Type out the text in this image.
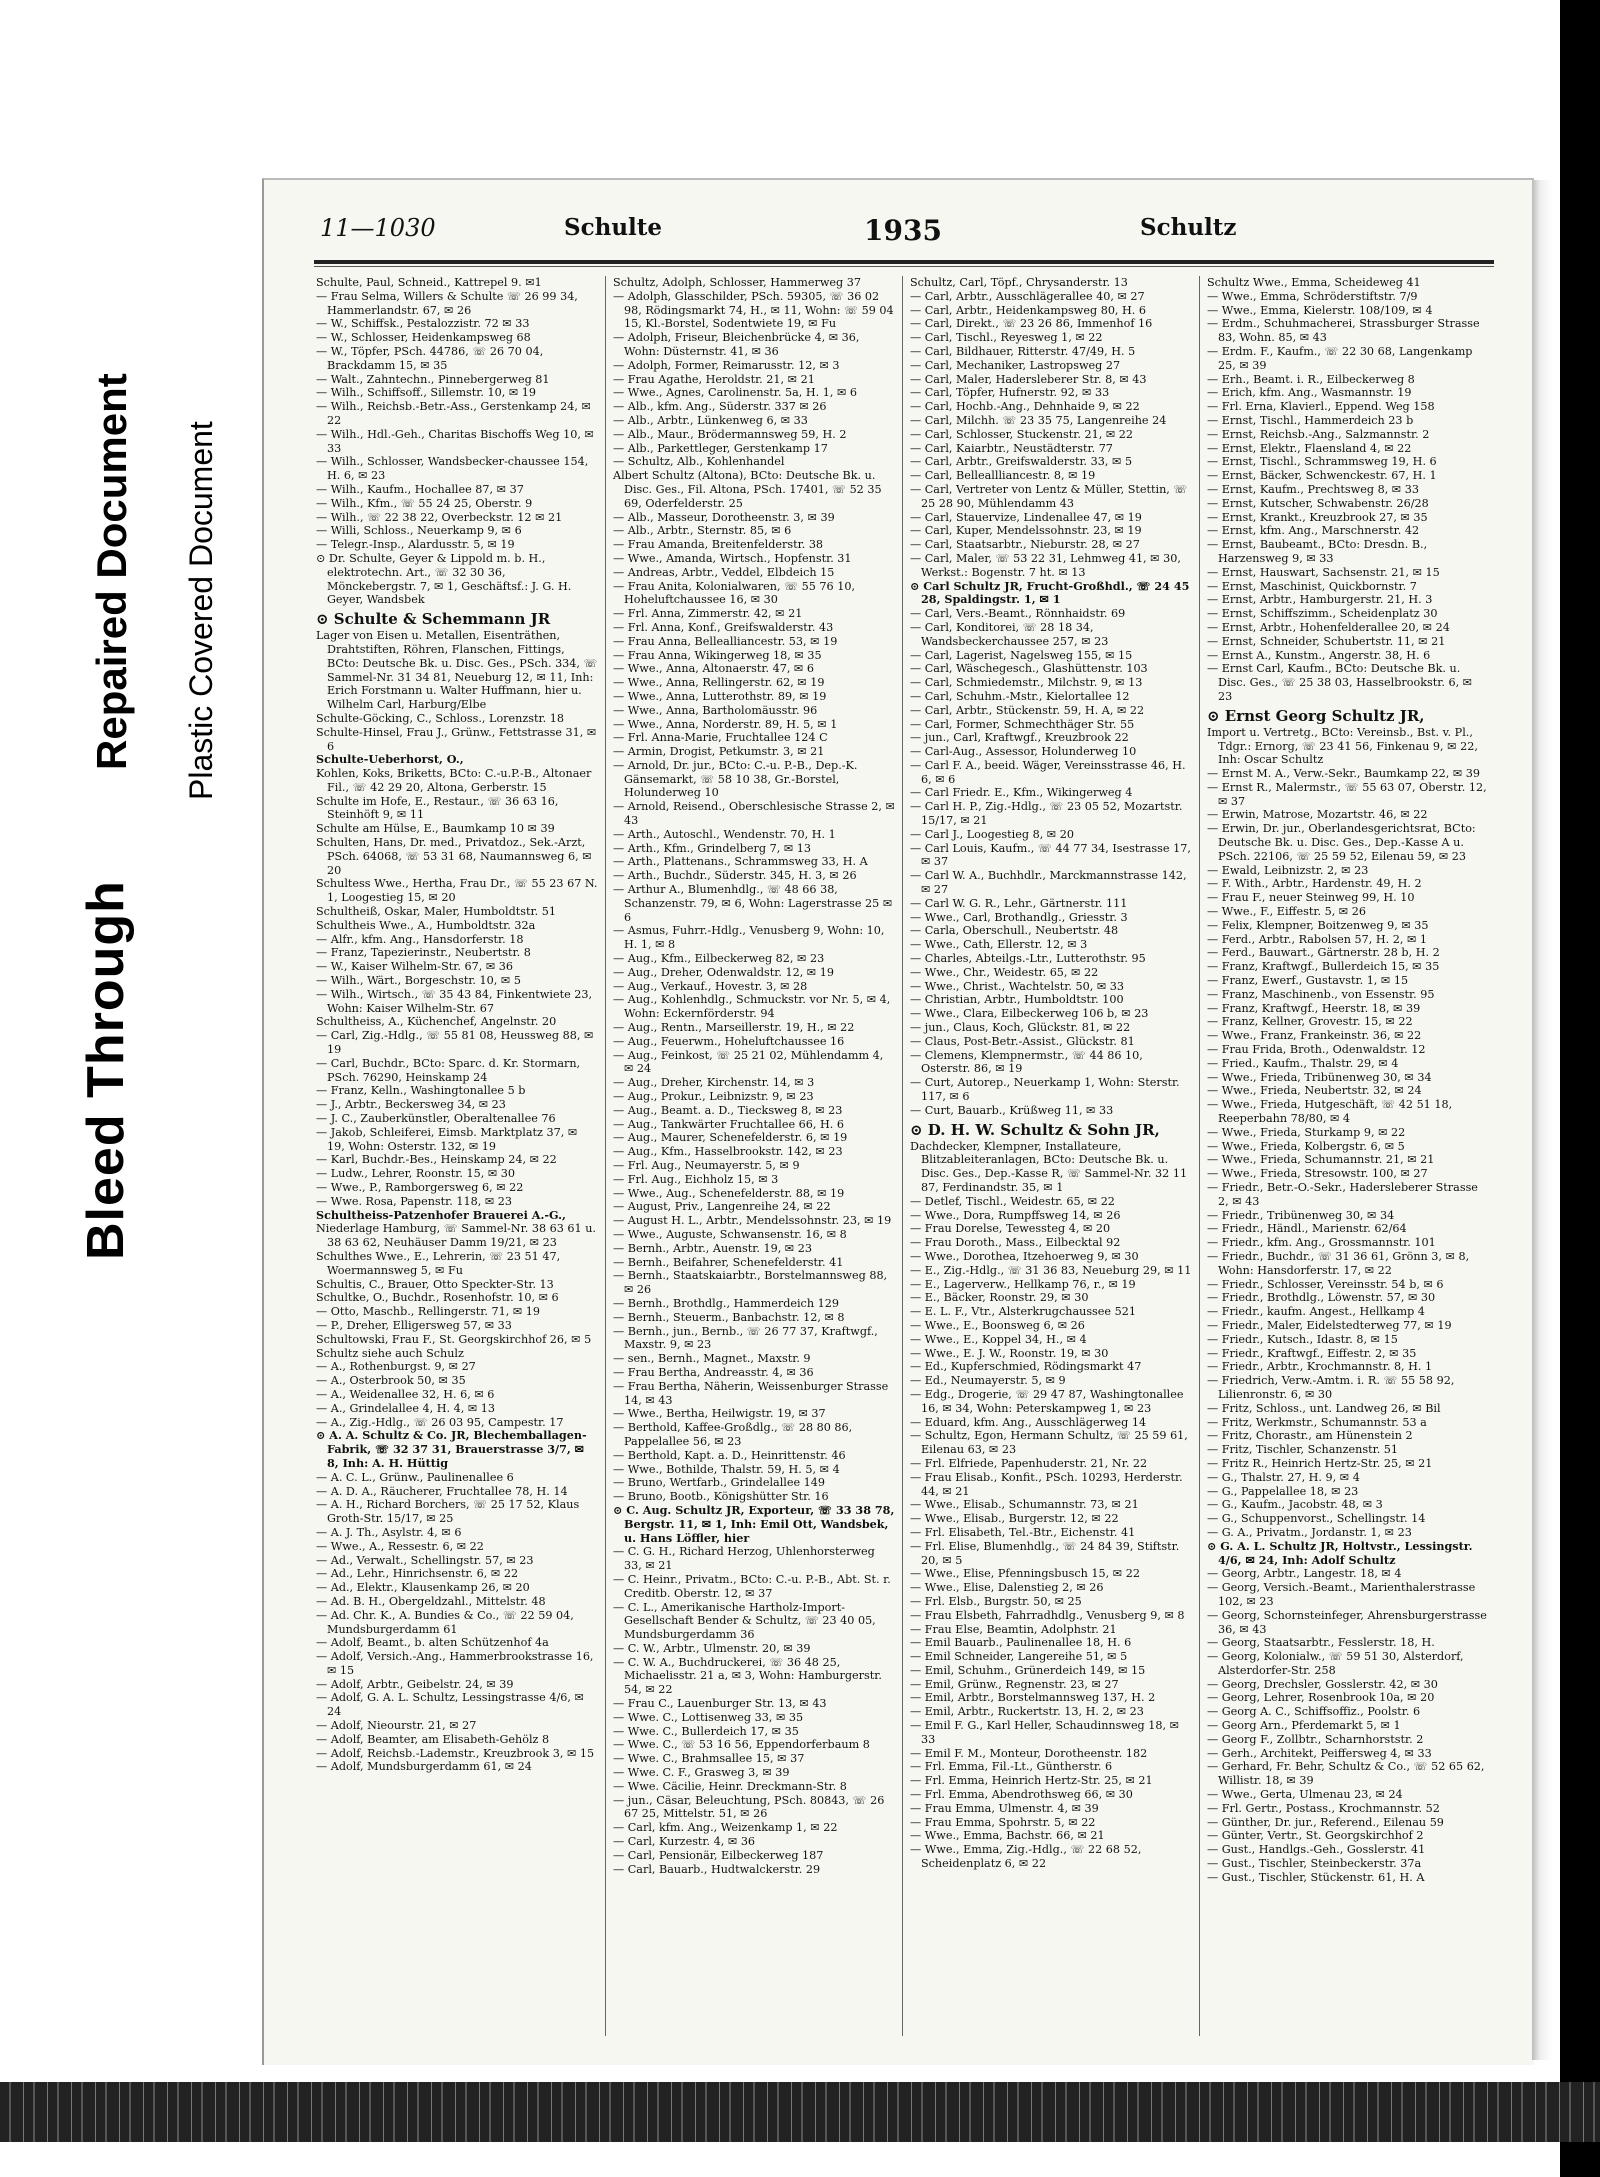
Bleed Through
Repaired Document Plastic Covered Document
11—1030	Schulte	1935	Schultz

Schulte, Paul, Schneid., Kattrepel 9. ✉1

— Frau Selma, Willers & Schulte ☏ 26 99 34, Hammerlandstr. 67, ✉ 26

— W., Schiffsk., Pestalozzistr. 72 ✉ 33

— W., Schlosser, Heidenkampsweg 68

— W., Töpfer, PSch. 44786, ☏ 26 70 04, Brackdamm 15, ✉ 35

— Walt., Zahntechn., Pinnebergerweg 81

— Wilh., Schiffsoff., Sillemstr. 10, ✉ 19

— Wilh., Reichsb.-Betr.-Ass., Gerstenkamp 24, ✉ 22

— Wilh., Hdl.-Geh., Charitas Bischoffs Weg 10, ✉ 33

— Wilh., Schlosser, Wandsbecker-chaussee 154, H. 6, ✉ 23

— Wilh., Kaufm., Hochallee 87, ✉ 37

— Wilh., Kfm., ☏ 55 24 25, Oberstr. 9

— Wilh., ☏ 22 38 22, Overbeckstr. 12 ✉ 21

— Willi, Schloss., Neuerkamp 9, ✉ 6

— Telegr.-Insp., Alardusstr. 5, ✉ 19

⊙ Dr. Schulte, Geyer & Lippold m. b. H., elektrotechn. Art., ☏ 32 30 36, Mönckebergstr. 7, ✉ 1, Geschäftsf.: J. G. H. Geyer, Wandsbek

⊙ Schulte & Schemmann JR

Lager von Eisen u. Metallen, Eisenträthen, Drahtstiften, Röhren, Flanschen, Fittings, BCto: Deutsche Bk. u. Disc. Ges., PSch. 334, ☏ Sammel-Nr. 31 34 81, Neueburg 12, ✉ 11, Inh: Erich Forstmann u. Walter Huffmann, hier u. Wilhelm Carl, Harburg/Elbe

Schulte-Göcking, C., Schloss., Lorenzstr. 18

Schulte-Hinsel, Frau J., Grünw., Fettstrasse 31, ✉ 6

Schulte-Ueberhorst, O.,

Kohlen, Koks, Briketts, BCto: C.-u.P.-B., Altonaer Fil., ☏ 42 29 20, Altona, Gerberstr. 15

Schulte im Hofe, E., Restaur., ☏ 36 63 16, Steinhöft 9, ✉ 11

Schulte am Hülse, E., Baumkamp 10 ✉ 39

Schulten, Hans, Dr. med., Privatdoz., Sek.-Arzt, PSch. 64068, ☏ 53 31 68, Naumannsweg 6, ✉ 20

Schultess Wwe., Hertha, Frau Dr., ☏ 55 23 67 N. 1, Loogestieg 15, ✉ 20

Schultheiß, Oskar, Maler, Humboldtstr. 51

Schultheis Wwe., A., Humboldtstr. 32a

— Alfr., kfm. Ang., Hansdorferstr. 18

— Franz, Tapezierinstr., Neubertstr. 8

— W., Kaiser Wilhelm-Str. 67, ✉ 36

— Wilh., Wärt., Borgeschstr. 10, ✉ 5

— Wilh., Wirtsch., ☏ 35 43 84, Finkentwiete 23, Wohn: Kaiser Wilhelm-Str. 67

Schultheiss, A., Küchenchef, Angelnstr. 20

— Carl, Zig.-Hdlg., ☏ 55 81 08, Heussweg 88, ✉ 19

— Carl, Buchdr., BCto: Sparc. d. Kr. Stormarn, PSch. 76290, Heinskamp 24

— Franz, Kelln., Washingtonallee 5 b

— J., Arbtr., Beckersweg 34, ✉ 23

— J. C., Zauberkünstler, Oberaltenallee 76

— Jakob, Schleiferei, Eimsb. Marktplatz 37, ✉ 19, Wohn: Osterstr. 132, ✉ 19

— Karl, Buchdr.-Bes., Heinskamp 24, ✉ 22

— Ludw., Lehrer, Roonstr. 15, ✉ 30

— Wwe., P., Ramborgersweg 6, ✉ 22

— Wwe. Rosa, Papenstr. 118, ✉ 23

Schultheiss-Patzenhofer Brauerei A.-G.,

Niederlage Hamburg, ☏ Sammel-Nr. 38 63 61 u. 38 63 62, Neuhäuser Damm 19/21, ✉ 23

Schulthes Wwe., E., Lehrerin, ☏ 23 51 47, Woermannsweg 5, ✉ Fu

Schultis, C., Brauer, Otto Speckter-Str. 13

Schultke, O., Buchdr., Rosenhofstr. 10, ✉ 6

— Otto, Maschb., Rellingerstr. 71, ✉ 19

— P., Dreher, Elligersweg 57, ✉ 33

Schultowski, Frau F., St. Georgskirchhof 26, ✉ 5

Schultz siehe auch Schulz

— A., Rothenburgst. 9, ✉ 27

— A., Osterbrook 50, ✉ 35

— A., Weidenallee 32, H. 6, ✉ 6

— A., Grindelallee 4, H. 4, ✉ 13

— A., Zig.-Hdlg., ☏ 26 03 95, Campestr. 17

⊙ A. A. Schultz & Co. JR, Blechemballagen-Fabrik, ☏ 32 37 31, Brauerstrasse 3/7, ✉ 8, Inh: A. H. Hüttig

— A. C. L., Grünw., Paulinenallee 6

— A. D. A., Räucherer, Fruchtallee 78, H. 14

— A. H., Richard Borchers, ☏ 25 17 52, Klaus Groth-Str. 15/17, ✉ 25

— A. J. Th., Asylstr. 4, ✉ 6

— Wwe., A., Ressestr. 6, ✉ 22

— Ad., Verwalt., Schellingstr. 57, ✉ 23

— Ad., Lehr., Hinrichsenstr. 6, ✉ 22

— Ad., Elektr., Klausenkamp 26, ✉ 20

— Ad. B. H., Obergeldzahl., Mittelstr. 48

— Ad. Chr. K., A. Bundies & Co., ☏ 22 59 04, Mundsburgerdamm 61

— Adolf, Beamt., b. alten Schützenhof 4a

— Adolf, Versich.-Ang., Hammerbrookstrasse 16, ✉ 15

— Adolf, Arbtr., Geibelstr. 24, ✉ 39

— Adolf, G. A. L. Schultz, Lessingstrasse 4/6, ✉ 24

— Adolf, Nieourstr. 21, ✉ 27

— Adolf, Beamter, am Elisabeth-Gehölz 8

— Adolf, Reichsb.-Lademstr., Kreuzbrook 3, ✉ 15

— Adolf, Mundsburgerdamm 61, ✉ 24

Schultz, Adolph, Schlosser, Hammerweg 37

— Adolph, Glasschilder, PSch. 59305, ☏ 36 02 98, Rödingsmarkt 74, H., ✉ 11, Wohn: ☏ 59 04 15, Kl.-Borstel, Sodentwiete 19, ✉ Fu

— Adolph, Friseur, Bleichenbrücke 4, ✉ 36, Wohn: Düsternstr. 41, ✉ 36

— Adolph, Former, Reimarusstr. 12, ✉ 3

— Frau Agathe, Heroldstr. 21, ✉ 21

— Wwe., Agnes, Carolinenstr. 5a, H. 1, ✉ 6

— Alb., kfm. Ang., Süderstr. 337 ✉ 26

— Alb., Arbtr., Lünkenweg 6, ✉ 33

— Alb., Maur., Brödermannsweg 59, H. 2

— Alb., Parkettleger, Gerstenkamp 17

— Schultz, Alb., Kohlenhandel

Albert Schultz (Altona), BCto: Deutsche Bk. u. Disc. Ges., Fil. Altona, PSch. 17401, ☏ 52 35 69, Oderfelderstr. 25

— Alb., Masseur, Dorotheenstr. 3, ✉ 39

— Alb., Arbtr., Sternstr. 85, ✉ 6

— Frau Amanda, Breitenfelderstr. 38

— Wwe., Amanda, Wirtsch., Hopfenstr. 31

— Andreas, Arbtr., Veddel, Elbdeich 15

— Frau Anita, Kolonialwaren, ☏ 55 76 10, Hoheluftchaussee 16, ✉ 30

— Frl. Anna, Zimmerstr. 42, ✉ 21

— Frl. Anna, Konf., Greifswalderstr. 43

— Frau Anna, Bellealliancestr. 53, ✉ 19

— Frau Anna, Wikingerweg 18, ✉ 35

— Wwe., Anna, Altonaerstr. 47, ✉ 6

— Wwe., Anna, Rellingerstr. 62, ✉ 19

— Wwe., Anna, Lutterothstr. 89, ✉ 19

— Wwe., Anna, Bartholomäusstr. 96

— Wwe., Anna, Norderstr. 89, H. 5, ✉ 1

— Frl. Anna-Marie, Fruchtallee 124 C

— Armin, Drogist, Petkumstr. 3, ✉ 21

— Arnold, Dr. jur., BCto: C.-u. P.-B., Dep.-K. Gänsemarkt, ☏ 58 10 38, Gr.-Borstel, Holunderweg 10

— Arnold, Reisend., Oberschlesische Strasse 2, ✉ 43

— Arth., Autoschl., Wendenstr. 70, H. 1

— Arth., Kfm., Grindelberg 7, ✉ 13

— Arth., Plattenans., Schrammsweg 33, H. A

— Arth., Buchdr., Süderstr. 345, H. 3, ✉ 26

— Arthur A., Blumenhdlg., ☏ 48 66 38, Schanzenstr. 79, ✉ 6, Wohn: Lagerstrasse 25 ✉ 6

— Asmus, Fuhrr.-Hdlg., Venusberg 9, Wohn: 10, H. 1, ✉ 8

— Aug., Kfm., Eilbeckerweg 82, ✉ 23

— Aug., Dreher, Odenwaldstr. 12, ✉ 19

— Aug., Verkauf., Hovestr. 3, ✉ 28

— Aug., Kohlenhdlg., Schmuckstr. vor Nr. 5, ✉ 4, Wohn: Eckernförderstr. 94

— Aug., Rentn., Marseillerstr. 19, H., ✉ 22

— Aug., Feuerwm., Hoheluftchaussee 16

— Aug., Feinkost, ☏ 25 21 02, Mühlendamm 4, ✉ 24

— Aug., Dreher, Kirchenstr. 14, ✉ 3

— Aug., Prokur., Leibnizstr. 9, ✉ 23

— Aug., Beamt. a. D., Tiecksweg 8, ✉ 23

— Aug., Tankwärter Fruchtallee 66, H. 6

— Aug., Maurer, Schenefelderstr. 6, ✉ 19

— Aug., Kfm., Hasselbrookstr. 142, ✉ 23

— Frl. Aug., Neumayerstr. 5, ✉ 9

— Frl. Aug., Eichholz 15, ✉ 3

— Wwe., Aug., Schenefelderstr. 88, ✉ 19

— August, Priv., Langenreihe 24, ✉ 22

— August H. L., Arbtr., Mendelssohnstr. 23, ✉ 19

— Wwe., Auguste, Schwansenstr. 16, ✉ 8

— Bernh., Arbtr., Auenstr. 19, ✉ 23

— Bernh., Beifahrer, Schenefelderstr. 41

— Bernh., Staatskaiarbtr., Borstelmannsweg 88, ✉ 26

— Bernh., Brothdlg., Hammerdeich 129

— Bernh., Steuerm., Banbachstr. 12, ✉ 8

— Bernh., jun., Bernb., ☏ 26 77 37, Kraftwgf., Maxstr. 9, ✉ 23

— sen., Bernh., Magnet., Maxstr. 9

— Frau Bertha, Andreasstr. 4, ✉ 36

— Frau Bertha, Näherin, Weissenburger Strasse 14, ✉ 43

— Wwe., Bertha, Heilwigstr. 19, ✉ 37

— Berthold, Kaffee-Großdlg., ☏ 28 80 86, Pappelallee 56, ✉ 23

— Berthold, Kapt. a. D., Heinrittenstr. 46

— Wwe., Bothilde, Thalstr. 59, H. 5, ✉ 4

— Bruno, Wertfarb., Grindelallee 149

— Bruno, Bootb., Königshütter Str. 16

⊙ C. Aug. Schultz JR, Exporteur, ☏ 33 38 78, Bergstr. 11, ✉ 1, Inh: Emil Ott, Wandsbek, u. Hans Löffler, hier

— C. G. H., Richard Herzog, Uhlenhorsterweg 33, ✉ 21

— C. Heinr., Privatm., BCto: C.-u. P.-B., Abt. St. r. Creditb. Oberstr. 12, ✉ 37

— C. L., Amerikanische Hartholz-Import-Gesellschaft Bender & Schultz, ☏ 23 40 05, Mundsburgerdamm 36

— C. W., Arbtr., Ulmenstr. 20, ✉ 39

— C. W. A., Buchdruckerei, ☏ 36 48 25, Michaelisstr. 21 a, ✉ 3, Wohn: Hamburgerstr. 54, ✉ 22

— Frau C., Lauenburger Str. 13, ✉ 43

— Wwe. C., Lottisenweg 33, ✉ 35

— Wwe. C., Bullerdeich 17, ✉ 35

— Wwe. C., ☏ 53 16 56, Eppendorferbaum 8

— Wwe. C., Brahmsallee 15, ✉ 37

— Wwe. C. F., Grasweg 3, ✉ 39

— Wwe. Cäcilie, Heinr. Dreckmann-Str. 8

— jun., Cäsar, Beleuchtung, PSch. 80843, ☏ 26 67 25, Mittelstr. 51, ✉ 26

— Carl, kfm. Ang., Weizenkamp 1, ✉ 22

— Carl, Kurzestr. 4, ✉ 36

— Carl, Pensionär, Eilbeckerweg 187

— Carl, Bauarb., Hudtwalckerstr. 29

Schultz, Carl, Töpf., Chrysanderstr. 13

— Carl, Arbtr., Ausschlägerallee 40, ✉ 27

— Carl, Arbtr., Heidenkampsweg 80, H. 6

— Carl, Direkt., ☏ 23 26 86, Immenhof 16

— Carl, Tischl., Reyesweg 1, ✉ 22

— Carl, Bildhauer, Ritterstr. 47/49, H. 5

— Carl, Mechaniker, Lastropsweg 27

— Carl, Maler, Hadersleberer Str. 8, ✉ 43

— Carl, Töpfer, Hufnerstr. 92, ✉ 33

— Carl, Hochb.-Ang., Dehnhaide 9, ✉ 22

— Carl, Milchh. ☏ 23 35 75, Langenreihe 24

— Carl, Schlosser, Stuckenstr. 21, ✉ 22

— Carl, Kaiarbtr., Neustädterstr. 77

— Carl, Arbtr., Greifswalderstr. 33, ✉ 5

— Carl, Belleallliancestr. 8, ✉ 19

— Carl, Vertreter von Lentz & Müller, Stettin, ☏ 25 28 90, Mühlendamm 43

— Carl, Stauervize, Lindenallee 47, ✉ 19

— Carl, Kuper, Mendelssohnstr. 23, ✉ 19

— Carl, Staatsarbtr., Nieburstr. 28, ✉ 27

— Carl, Maler, ☏ 53 22 31, Lehmweg 41, ✉ 30, Werkst.: Bogenstr. 7 ht. ✉ 13

⊙ Carl Schultz JR, Frucht-Großhdl., ☏ 24 45 28, Spaldingstr. 1, ✉ 1

— Carl, Vers.-Beamt., Rönnhaidstr. 69

— Carl, Konditorei, ☏ 28 18 34, Wandsbeckerchaussee 257, ✉ 23

— Carl, Lagerist, Nagelsweg 155, ✉ 15

— Carl, Wäschegesch., Glashüttenstr. 103

— Carl, Schmiedemstr., Milchstr. 9, ✉ 13

— Carl, Schuhm.-Mstr., Kielortallee 12

— Carl, Arbtr., Stückenstr. 59, H. A, ✉ 22

— Carl, Former, Schmechthäger Str. 55

— jun., Carl, Kraftwgf., Kreuzbrook 22

— Carl-Aug., Assessor, Holunderweg 10

— Carl F. A., beeid. Wäger, Vereinsstrasse 46, H. 6, ✉ 6

— Carl Friedr. E., Kfm., Wikingerweg 4

— Carl H. P., Zig.-Hdlg., ☏ 23 05 52, Mozartstr. 15/17, ✉ 21

— Carl J., Loogestieg 8, ✉ 20

— Carl Louis, Kaufm., ☏ 44 77 34, Isestrasse 17, ✉ 37

— Carl W. A., Buchhdlr., Marckmannstrasse 142, ✉ 27

— Carl W. G. R., Lehr., Gärtnerstr. 111

— Wwe., Carl, Brothandlg., Griesstr. 3

— Carla, Oberschull., Neubertstr. 48

— Wwe., Cath, Ellerstr. 12, ✉ 3

— Charles, Abteilgs.-Ltr., Lutterothstr. 95

— Wwe., Chr., Weidestr. 65, ✉ 22

— Wwe., Christ., Wachtelstr. 50, ✉ 33

— Christian, Arbtr., Humboldtstr. 100

— Wwe., Clara, Eilbeckerweg 106 b, ✉ 23

— jun., Claus, Koch, Glückstr. 81, ✉ 22

— Claus, Post-Betr.-Assist., Glückstr. 81

— Clemens, Klempnermstr., ☏ 44 86 10, Osterstr. 86, ✉ 19

— Curt, Autorep., Neuerkamp 1, Wohn: Sterstr. 117, ✉ 6

— Curt, Bauarb., Krüßweg 11, ✉ 33

⊙ D. H. W. Schultz & Sohn JR,

Dachdecker, Klempner, Installateure, Blitzableiteranlagen, BCto: Deutsche Bk. u. Disc. Ges., Dep.-Kasse R, ☏ Sammel-Nr. 32 11 87, Ferdinandstr. 35, ✉ 1

— Detlef, Tischl., Weidestr. 65, ✉ 22

— Wwe., Dora, Rumpffsweg 14, ✉ 26

— Frau Dorelse, Tewessteg 4, ✉ 20

— Frau Doroth., Mass., Eilbecktal 92

— Wwe., Dorothea, Itzehoerweg 9, ✉ 30

— E., Zig.-Hdlg., ☏ 31 36 83, Neueburg 29, ✉ 11

— E., Lagerverw., Hellkamp 76, r., ✉ 19

— E., Bäcker, Roonstr. 29, ✉ 30

— E. L. F., Vtr., Alsterkrugchaussee 521

— Wwe., E., Boonsweg 6, ✉ 26

— Wwe., E., Koppel 34, H., ✉ 4

— Wwe., E. J. W., Roonstr. 19, ✉ 30

— Ed., Kupferschmied, Rödingsmarkt 47

— Ed., Neumayerstr. 5, ✉ 9

— Edg., Drogerie, ☏ 29 47 87, Washingtonallee 16, ✉ 34, Wohn: Peterskampweg 1, ✉ 23

— Eduard, kfm. Ang., Ausschlägerweg 14

— Schultz, Egon, Hermann Schultz, ☏ 25 59 61, Eilenau 63, ✉ 23

— Frl. Elfriede, Papenhuderstr. 21, Nr. 22

— Frau Elisab., Konfit., PSch. 10293, Herderstr. 44, ✉ 21

— Wwe., Elisab., Schumannstr. 73, ✉ 21

— Wwe., Elisab., Burgerstr. 12, ✉ 22

— Frl. Elisabeth, Tel.-Btr., Eichenstr. 41

— Frl. Elise, Blumenhdlg., ☏ 24 84 39, Stiftstr. 20, ✉ 5

— Wwe., Elise, Pfenningsbusch 15, ✉ 22

— Wwe., Elise, Dalenstieg 2, ✉ 26

— Frl. Elsb., Burgstr. 50, ✉ 25

— Frau Elsbeth, Fahrradhdlg., Venusberg 9, ✉ 8

— Frau Else, Beamtin, Adolphstr. 21

— Emil Bauarb., Paulinenallee 18, H. 6

— Emil Schneider, Langereihe 51, ✉ 5

— Emil, Schuhm., Grünerdeich 149, ✉ 15

— Emil, Grünw., Regnenstr. 23, ✉ 27

— Emil, Arbtr., Borstelmannsweg 137, H. 2

— Emil, Arbtr., Ruckertstr. 13, H. 2, ✉ 23

— Emil F. G., Karl Heller, Schaudinnsweg 18, ✉ 33

— Emil F. M., Monteur, Dorotheenstr. 182

— Frl. Emma, Fil.-Lt., Güntherstr. 6

— Frl. Emma, Heinrich Hertz-Str. 25, ✉ 21

— Frl. Emma, Abendrothsweg 66, ✉ 30

— Frau Emma, Ulmenstr. 4, ✉ 39

— Frau Emma, Spohrstr. 5, ✉ 22

— Wwe., Emma, Bachstr. 66, ✉ 21

— Wwe., Emma, Zig.-Hdlg., ☏ 22 68 52, Scheidenplatz 6, ✉ 22

Schultz Wwe., Emma, Scheideweg 41

— Wwe., Emma, Schröderstiftstr. 7/9

— Wwe., Emma, Kielerstr. 108/109, ✉ 4

— Erdm., Schuhmacherei, Strassburger Strasse 83, Wohn. 85, ✉ 43

— Erdm. F., Kaufm., ☏ 22 30 68, Langenkamp 25, ✉ 39

— Erh., Beamt. i. R., Eilbeckerweg 8

— Erich, kfm. Ang., Wasmannstr. 19

— Frl. Erna, Klavierl., Eppend. Weg 158

— Ernst, Tischl., Hammerdeich 23 b

— Ernst, Reichsb.-Ang., Salzmannstr. 2

— Ernst, Elektr., Flaensland 4, ✉ 22

— Ernst, Tischl., Schrammsweg 19, H. 6

— Ernst, Bäcker, Schwenckestr. 67, H. 1

— Ernst, Kaufm., Prechtsweg 8, ✉ 33

— Ernst, Kutscher, Schwabenstr. 26/28

— Ernst, Krankt., Kreuzbrook 27, ✉ 35

— Ernst, kfm. Ang., Marschnerstr. 42

— Ernst, Baubeamt., BCto: Dresdn. B., Harzensweg 9, ✉ 33

— Ernst, Hauswart, Sachsenstr. 21, ✉ 15

— Ernst, Maschinist, Quickbornstr. 7

— Ernst, Arbtr., Hamburgerstr. 21, H. 3

— Ernst, Schiffszimm., Scheidenplatz 30

— Ernst, Arbtr., Hohenfelderallee 20, ✉ 24

— Ernst, Schneider, Schubertstr. 11, ✉ 21

— Ernst A., Kunstm., Angerstr. 38, H. 6

— Ernst Carl, Kaufm., BCto: Deutsche Bk. u. Disc. Ges., ☏ 25 38 03, Hasselbrookstr. 6, ✉ 23

⊙ Ernst Georg Schultz JR,

Import u. Vertretg., BCto: Vereinsb., Bst. v. Pl., Tdgr.: Ernorg, ☏ 23 41 56, Finkenau 9, ✉ 22, Inh: Oscar Schultz

— Ernst M. A., Verw.-Sekr., Baumkamp 22, ✉ 39

— Ernst R., Malermstr., ☏ 55 63 07, Oberstr. 12, ✉ 37

— Erwin, Matrose, Mozartstr. 46, ✉ 22

— Erwin, Dr. jur., Oberlandesgerichtsrat, BCto: Deutsche Bk. u. Disc. Ges., Dep.-Kasse A u. PSch. 22106, ☏ 25 59 52, Eilenau 59, ✉ 23

— Ewald, Leibnizstr. 2, ✉ 23

— F. With., Arbtr., Hardenstr. 49, H. 2

— Frau F., neuer Steinweg 99, H. 10

— Wwe., F., Eiffestr. 5, ✉ 26

— Felix, Klempner, Boitzenweg 9, ✉ 35

— Ferd., Arbtr., Rabolsen 57, H. 2, ✉ 1

— Ferd., Bauwart., Gärtnerstr. 28 b, H. 2

— Franz, Kraftwgf., Bullerdeich 15, ✉ 35

— Franz, Ewerf., Gustavstr. 1, ✉ 15

— Franz, Maschinenb., von Essenstr. 95

— Franz, Kraftwgf., Heerstr. 18, ✉ 39

— Franz, Kellner, Grovestr. 15, ✉ 22

— Wwe., Franz, Frankeinstr. 36, ✉ 22

— Frau Frida, Broth., Odenwaldstr. 12

— Fried., Kaufm., Thalstr. 29, ✉ 4

— Wwe., Frieda, Tribünenweg 30, ✉ 34

— Wwe., Frieda, Neubertstr. 32, ✉ 24

— Wwe., Frieda, Hutgeschäft, ☏ 42 51 18, Reeperbahn 78/80, ✉ 4

— Wwe., Frieda, Sturkamp 9, ✉ 22

— Wwe., Frieda, Kolbergstr. 6, ✉ 5

— Wwe., Frieda, Schumannstr. 21, ✉ 21

— Wwe., Frieda, Stresowstr. 100, ✉ 27

— Friedr., Betr.-O.-Sekr., Hadersleberer Strasse 2, ✉ 43

— Friedr., Tribünenweg 30, ✉ 34

— Friedr., Händl., Marienstr. 62/64

— Friedr., kfm. Ang., Grossmannstr. 101

— Friedr., Buchdr., ☏ 31 36 61, Grönn 3, ✉ 8, Wohn: Hansdorferstr. 17, ✉ 22

— Friedr., Schlosser, Vereinsstr. 54 b, ✉ 6

— Friedr., Brothdlg., Löwenstr. 57, ✉ 30

— Friedr., kaufm. Angest., Hellkamp 4

— Friedr., Maler, Eidelstedterweg 77, ✉ 19

— Friedr., Kutsch., Idastr. 8, ✉ 15

— Friedr., Kraftwgf., Eiffestr. 2, ✉ 35

— Friedr., Arbtr., Krochmannstr. 8, H. 1

— Friedrich, Verw.-Amtm. i. R. ☏ 55 58 92, Lilienronstr. 6, ✉ 30

— Fritz, Schloss., unt. Landweg 26, ✉ Bil

— Fritz, Werkmstr., Schumannstr. 53 a

— Fritz, Chorastr., am Hünenstein 2

— Fritz, Tischler, Schanzenstr. 51

— Fritz R., Heinrich Hertz-Str. 25, ✉ 21

— G., Thalstr. 27, H. 9, ✉ 4

— G., Pappelallee 18, ✉ 23

— G., Kaufm., Jacobstr. 48, ✉ 3

— G., Schuppenvorst., Schellingstr. 14

— G. A., Privatm., Jordanstr. 1, ✉ 23

⊙ G. A. L. Schultz JR, Holtvstr., Lessingstr. 4/6, ✉ 24, Inh: Adolf Schultz

— Georg, Arbtr., Langestr. 18, ✉ 4

— Georg, Versich.-Beamt., Marienthalerstrasse 102, ✉ 23

— Georg, Schornsteinfeger, Ahrensburgerstrasse 36, ✉ 43

— Georg, Staatsarbtr., Fesslerstr. 18, H.

— Georg, Kolonialw., ☏ 59 51 30, Alsterdorf, Alsterdorfer-Str. 258

— Georg, Drechsler, Gosslerstr. 42, ✉ 30

— Georg, Lehrer, Rosenbrook 10a, ✉ 20

— Georg A. C., Schiffsoffiz., Poolstr. 6

— Georg Arn., Pferdemarkt 5, ✉ 1

— Georg F., Zollbtr., Scharnhorststr. 2

— Gerh., Architekt, Peiffersweg 4, ✉ 33

— Gerhard, Fr. Behr, Schultz & Co., ☏ 52 65 62, Willistr. 18, ✉ 39

— Wwe., Gerta, Ulmenau 23, ✉ 24

— Frl. Gertr., Postass., Krochmannstr. 52

— Günther, Dr. jur., Referend., Eilenau 59

— Günter, Vertr., St. Georgskirchhof 2

— Gust., Handlgs.-Geh., Gosslerstr. 41

— Gust., Tischler, Steinbeckerstr. 37a

— Gust., Tischler, Stückenstr. 61, H. A
